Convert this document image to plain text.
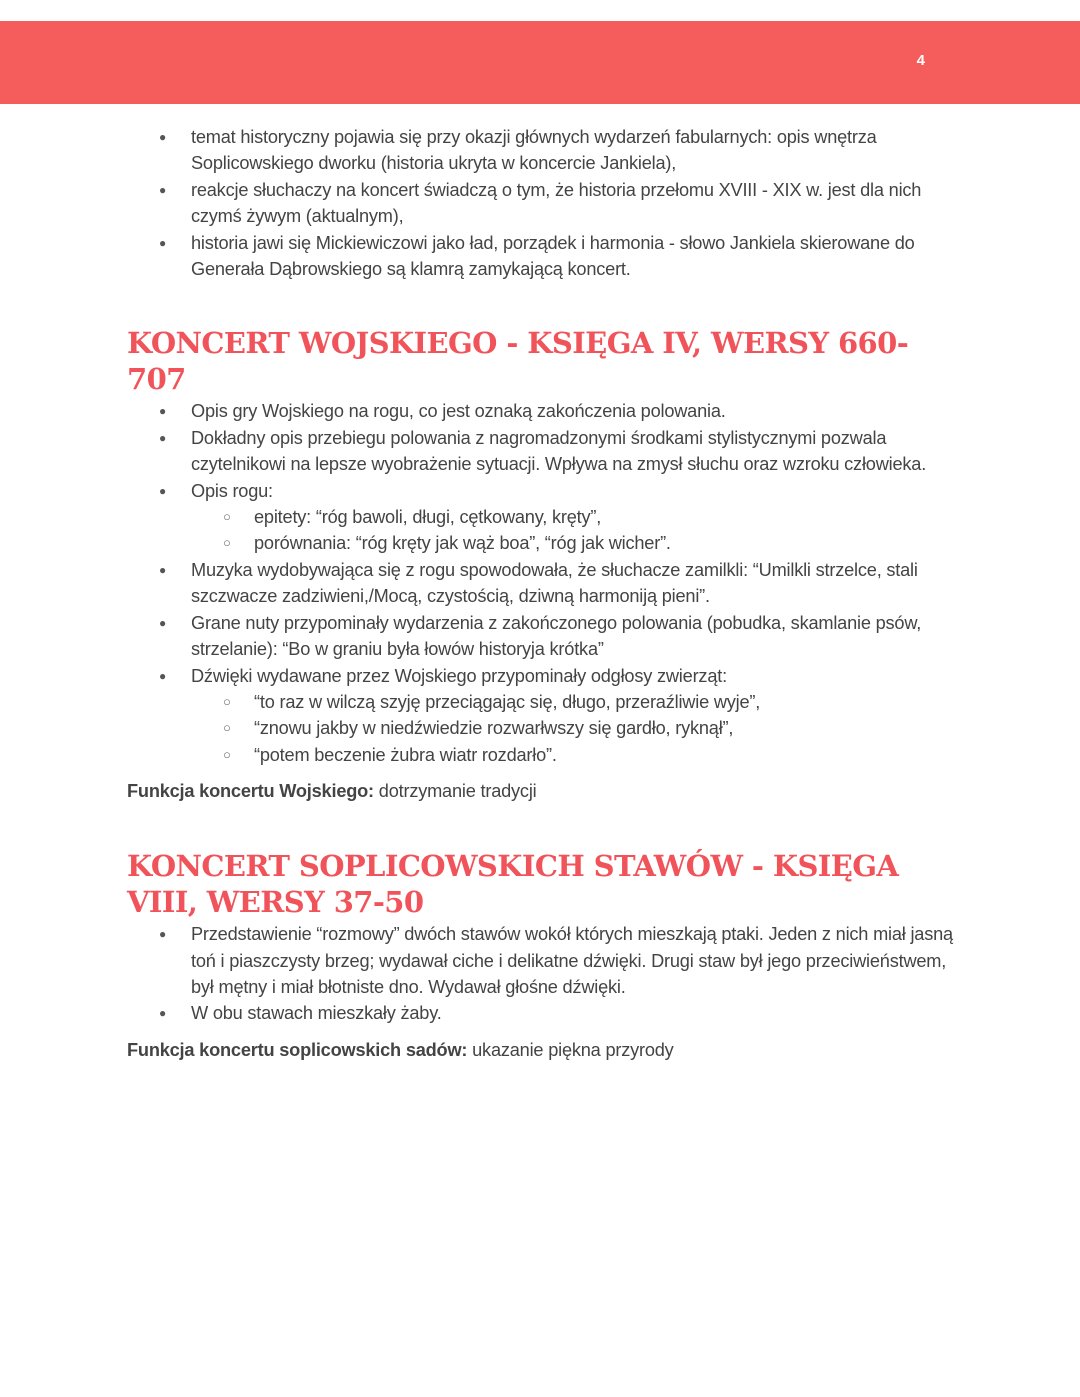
4
● temat historyczny pojawia się przy okazji głównych wydarzeń fabularnych: opis wnętrza Soplicowskiego dworku (historia ukryta w koncercie Jankiela),
● reakcje słuchaczy na koncert świadczą o tym, że historia przełomu XVIII - XIX w. jest dla nich czymś żywym (aktualnym),
● historia jawi się Mickiewiczowi jako ład, porządek i harmonia - słowo Jankiela skierowane do Generała Dąbrowskiego są klamrą zamykającą koncert.
KONCERT WOJSKIEGO - KSIĘGA IV, WERSY 660-707
● Opis gry Wojskiego na rogu, co jest oznaką zakończenia polowania.
● Dokładny opis przebiegu polowania z nagromadzonymi środkami stylistycznymi pozwala czytelnikowi na lepsze wyobrażenie sytuacji. Wpływa na zmysł słuchu oraz wzroku człowieka.
● Opis rogu:
○ epitety: “róg bawoli, długi, cętkowany, kręty”,
○ porównania: “róg kręty jak wąż boa”, “róg jak wicher”.
● Muzyka wydobywająca się z rogu spowodowała, że słuchacze zamilkli: “Umilkli strzelce, stali szczwacze zadziwieni,/Mocą, czystością, dziwną harmoniją pieni”.
● Grane nuty przypominały wydarzenia z zakończonego polowania (pobudka, skamlanie psów, strzelanie): “Bo w graniu była łowów historyja krótka”
● Dźwięki wydawane przez Wojskiego przypominały odgłosy zwierząt:
○ “to raz w wilczą szyję przeciągając się, długo, przeraźliwie wyje”,
○ “znowu jakby w niedźwiedzie rozwarłwszy się gardło, ryknął”,
○ “potem beczenie żubra wiatr rozdarło”.
Funkcja koncertu Wojskiego: dotrzymanie tradycji
KONCERT SOPLICOWSKICH STAWÓW - KSIĘGA VIII, WERSY 37-50
● Przedstawienie “rozmowy” dwóch stawów wokół których mieszkają ptaki. Jeden z nich miał jasną toń i piaszczysty brzeg; wydawał ciche i delikatne dźwięki. Drugi staw był jego przeciwieństwem, był mętny i miał błotniste dno. Wydawał głośne dźwięki.
● W obu stawach mieszkały żaby.
Funkcja koncertu soplicowskich sadów: ukazanie piękna przyrody
